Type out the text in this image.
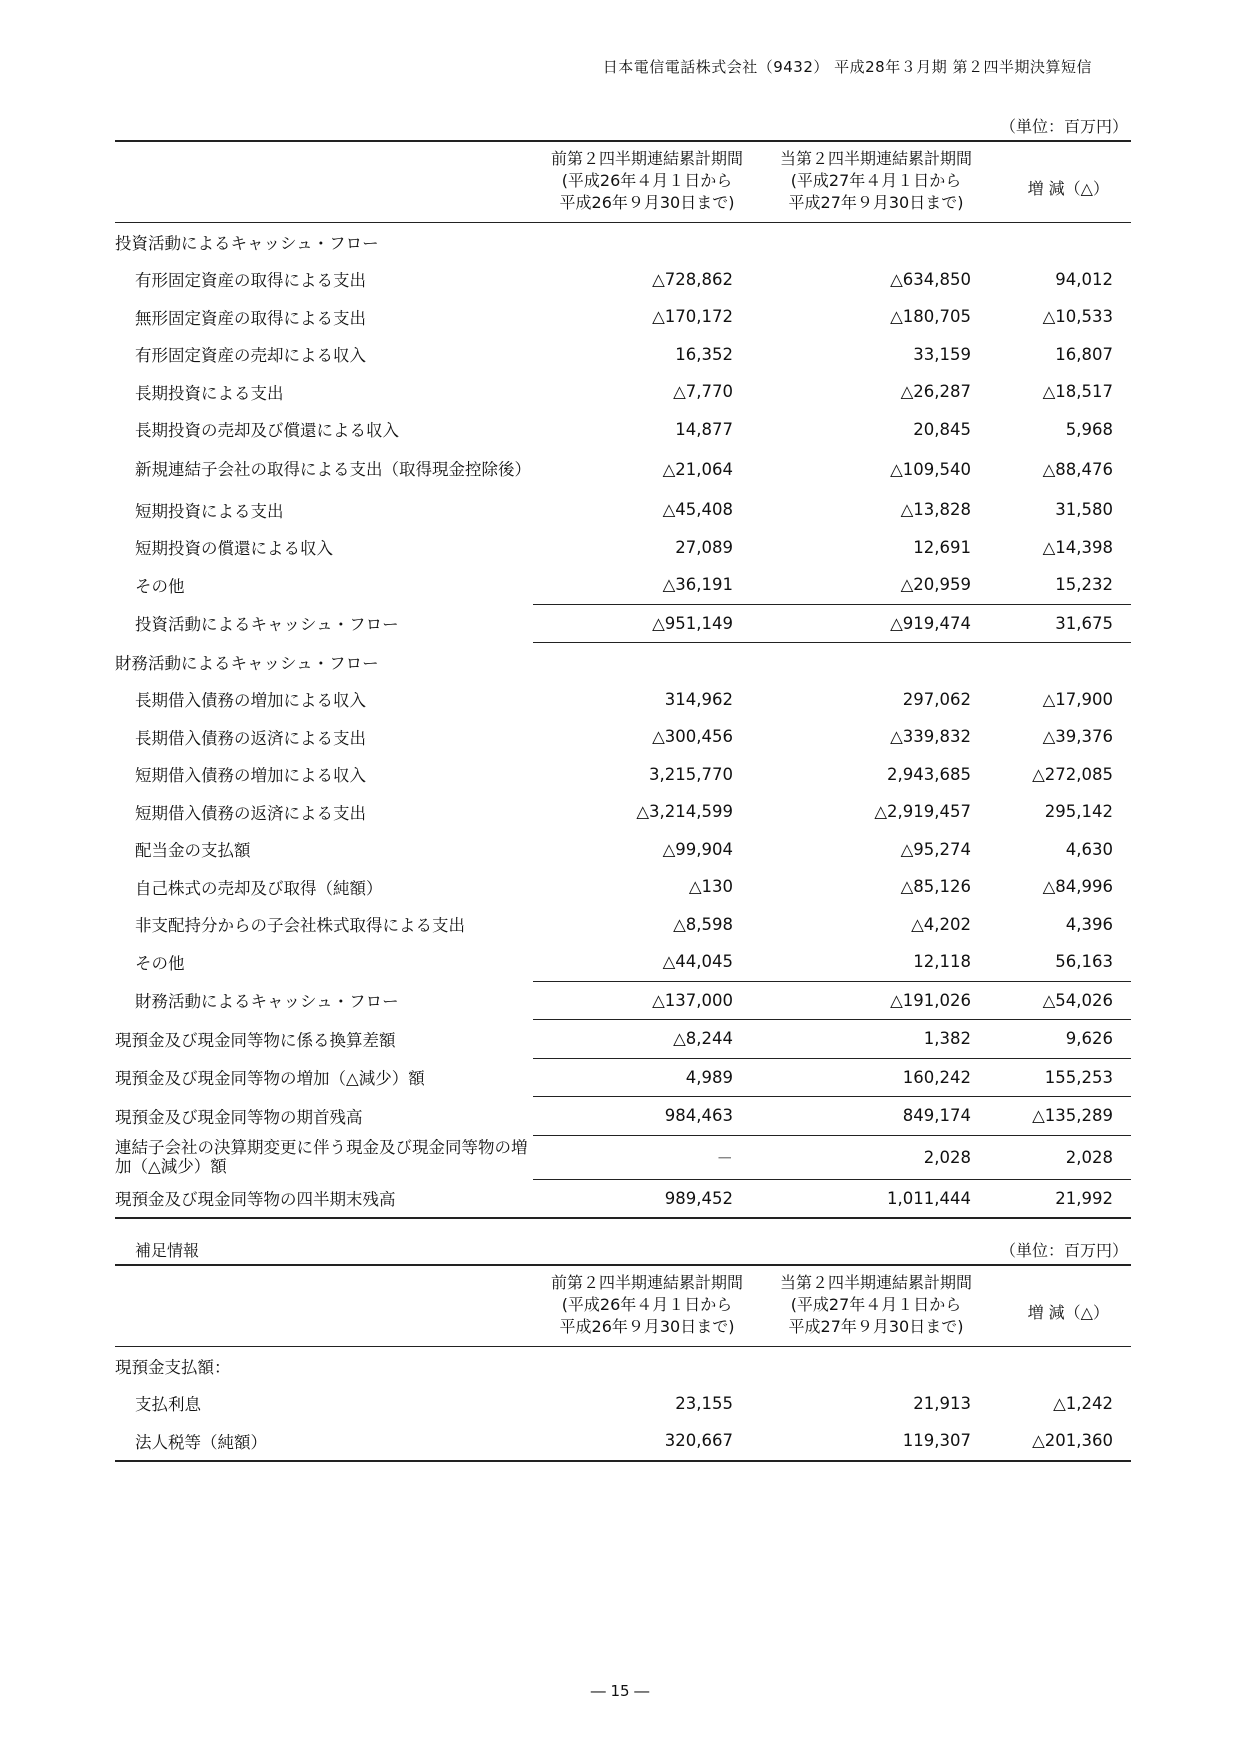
日本電信電話株式会社（9432） 平成28年３月期 第２四半期決算短信
（単位：百万円）

	前第２四半期連結累計期間
(平成26年４月１日から
平成26年９月30日まで)	当第２四半期連結累計期間
(平成27年４月１日から
平成27年９月30日まで)	増 減（△）
投資活動によるキャッシュ・フロー			
有形固定資産の取得による支出	△728,862	△634,850	94,012
無形固定資産の取得による支出	△170,172	△180,705	△10,533
有形固定資産の売却による収入	16,352	33,159	16,807
長期投資による支出	△7,770	△26,287	△18,517
長期投資の売却及び償還による収入	14,877	20,845	5,968
新規連結子会社の取得による支出（取得現金控除後）	△21,064	△109,540	△88,476
短期投資による支出	△45,408	△13,828	31,580
短期投資の償還による収入	27,089	12,691	△14,398
その他	△36,191	△20,959	15,232
投資活動によるキャッシュ・フロー	△951,149	△919,474	31,675
財務活動によるキャッシュ・フロー			
長期借入債務の増加による収入	314,962	297,062	△17,900
長期借入債務の返済による支出	△300,456	△339,832	△39,376
短期借入債務の増加による収入	3,215,770	2,943,685	△272,085
短期借入債務の返済による支出	△3,214,599	△2,919,457	295,142
配当金の支払額	△99,904	△95,274	4,630
自己株式の売却及び取得（純額）	△130	△85,126	△84,996
非支配持分からの子会社株式取得による支出	△8,598	△4,202	4,396
その他	△44,045	12,118	56,163
財務活動によるキャッシュ・フロー	△137,000	△191,026	△54,026
現預金及び現金同等物に係る換算差額	△8,244	1,382	9,626
現預金及び現金同等物の増加（△減少）額	4,989	160,242	155,253
現預金及び現金同等物の期首残高	984,463	849,174	△135,289
連結子会社の決算期変更に伴う現金及び現金同等物の増加（△減少）額	－	2,028	2,028
現預金及び現金同等物の四半期末残高	989,452	1,011,444	21,992
補足情報	（単位：百万円）

	前第２四半期連結累計期間
(平成26年４月１日から
平成26年９月30日まで)	当第２四半期連結累計期間
(平成27年４月１日から
平成27年９月30日まで)	増 減（△）
現預金支払額：			
支払利息	23,155	21,913	△1,242
法人税等（純額）	320,667	119,307	△201,360
― 15 ―
